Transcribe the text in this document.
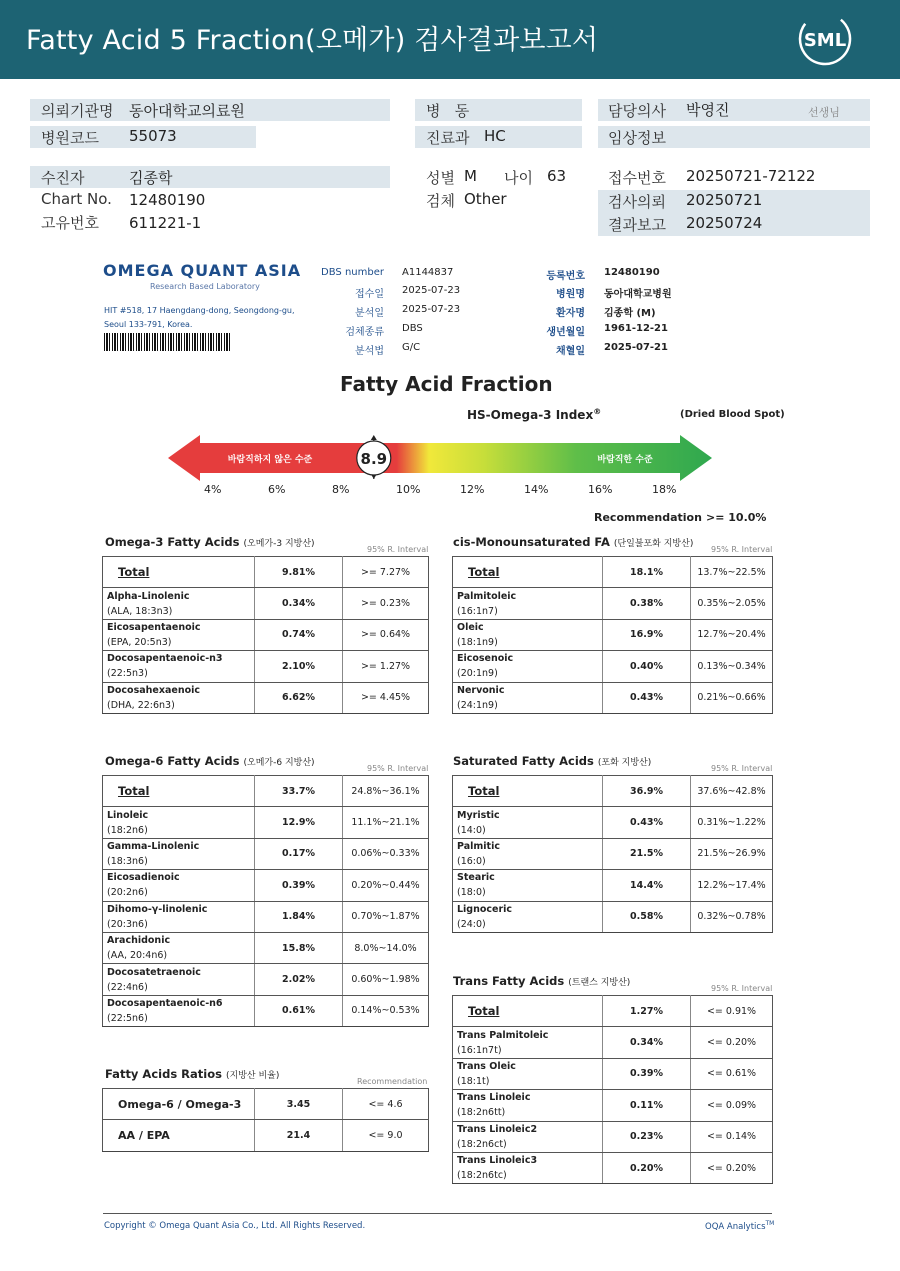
Fatty Acid 5 Fraction(오메가) 검사결과보고서	SML
의뢰기관명 동아대학교의료원
병원코드 55073
병   동
진료과 HC
담당의사 박영진	선생님
임상정보
수진자	김종학
Chart No. 12480190
고유번호 611221-1
성별 M 나이 63
검체 Other
접수번호 20250721-72122
검사의뢰 20250721
결과보고 20250724
OMEGA QUANT ASIA
Research Based Laboratory
HIT #518, 17 Haengdang-dong, Seongdong-gu,
Seoul 133-791, Korea.
DBS number A1144837
접수일 2025-07-23
분석일 2025-07-23
검체종류 DBS
분석법 G/C
등록번호 12480190
병원명 동아대학교병원
환자명 김종학 (M)
생년월일 1961-12-21
채혈일 2025-07-21
Fatty Acid Fraction
HS-Omega-3 Index®	(Dried Blood Spot)
바람직하지 않은 수준	바람직한 수준
8.9
4%	6%	8%	10%	12%	14%	16%	18%
Recommendation >= 10.0%
Omega-3 Fatty Acids (오메가-3 지방산)
95% R. Interval
Total	9.81%	>= 7.27%
Alpha-Linolenic
(ALA, 18:3n3)	0.34%	>= 0.23%
Eicosapentaenoic
(EPA, 20:5n3)	0.74%	>= 0.64%
Docosapentaenoic-n3
(22:5n3)	2.10%	>= 1.27%
Docosahexaenoic
(DHA, 22:6n3)	6.62%	>= 4.45%
cis-Monounsaturated FA (단일불포화 지방산)
95% R. Interval
Total	18.1%	13.7%~22.5%
Palmitoleic
(16:1n7)	0.38%	0.35%~2.05%
Oleic
(18:1n9)	16.9%	12.7%~20.4%
Eicosenoic
(20:1n9)	0.40%	0.13%~0.34%
Nervonic
(24:1n9)	0.43%	0.21%~0.66%
Omega-6 Fatty Acids (오메가-6 지방산)
95% R. Interval
Total	33.7%	24.8%~36.1%
Linoleic
(18:2n6)	12.9%	11.1%~21.1%
Gamma-Linolenic
(18:3n6)	0.17%	0.06%~0.33%
Eicosadienoic
(20:2n6)	0.39%	0.20%~0.44%
Dihomo-γ-linolenic
(20:3n6)	1.84%	0.70%~1.87%
Arachidonic
(AA, 20:4n6)	15.8%	8.0%~14.0%
Docosatetraenoic
(22:4n6)	2.02%	0.60%~1.98%
Docosapentaenoic-n6
(22:5n6)	0.61%	0.14%~0.53%
Saturated Fatty Acids (포화 지방산)
95% R. Interval
Total	36.9%	37.6%~42.8%
Myristic
(14:0)	0.43%	0.31%~1.22%
Palmitic
(16:0)	21.5%	21.5%~26.9%
Stearic
(18:0)	14.4%	12.2%~17.4%
Lignoceric
(24:0)	0.58%	0.32%~0.78%
Trans Fatty Acids (트랜스 지방산)
95% R. Interval
Total	1.27%	<= 0.91%
Trans Palmitoleic
(16:1n7t)	0.34%	<= 0.20%
Trans Oleic
(18:1t)	0.39%	<= 0.61%
Trans Linoleic
(18:2n6tt)	0.11%	<= 0.09%
Trans Linoleic2
(18:2n6ct)	0.23%	<= 0.14%
Trans Linoleic3
(18:2n6tc)	0.20%	<= 0.20%
Fatty Acids Ratios (지방산 비율)
Recommendation
Omega-6 / Omega-3	3.45	<= 4.6
AA / EPA	21.4	<= 9.0
Copyright © Omega Quant Asia Co., Ltd. All Rights Reserved.	OQA Analytics™
